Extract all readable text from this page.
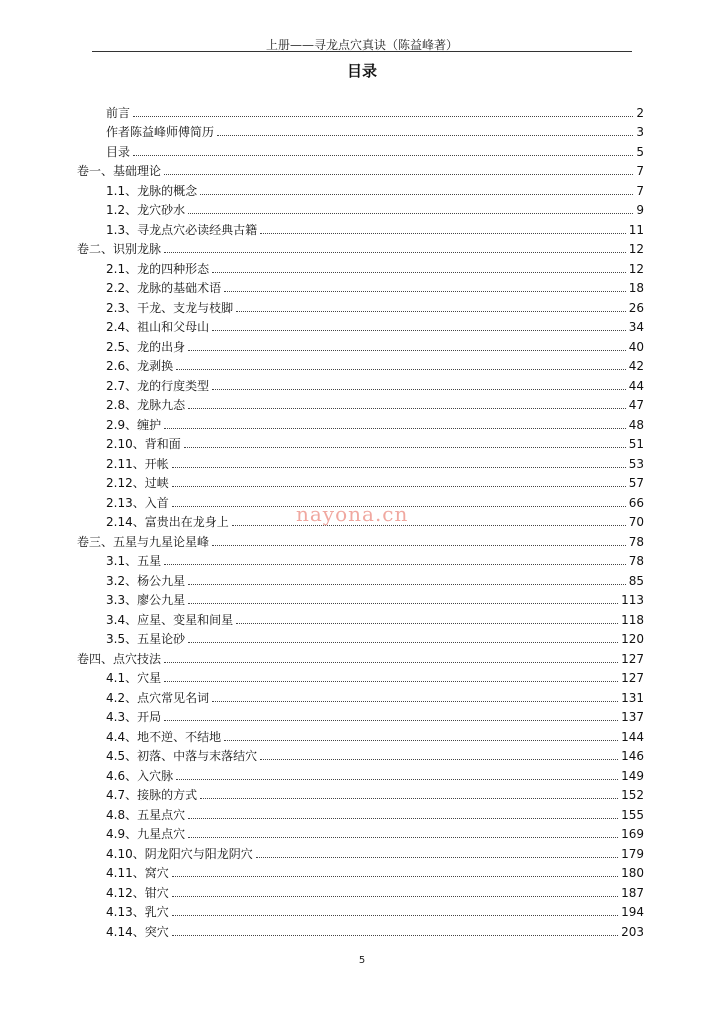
上册——寻龙点穴真诀（陈益峰著）
目录
前言	2
作者陈益峰师傅简历	3
目录	5
卷一、基础理论	7
1.1、龙脉的概念	7
1.2、龙穴砂水	9
1.3、寻龙点穴必读经典古籍	11
卷二、识别龙脉	12
2.1、龙的四种形态	12
2.2、龙脉的基础术语	18
2.3、干龙、支龙与枝脚	26
2.4、祖山和父母山	34
2.5、龙的出身	40
2.6、龙剥换	42
2.7、龙的行度类型	44
2.8、龙脉九态	47
2.9、缠护	48
2.10、背和面	51
2.11、开帐	53
2.12、过峡	57
2.13、入首	66
2.14、富贵出在龙身上	70
卷三、五星与九星论星峰	78
3.1、五星	78
3.2、杨公九星	85
3.3、廖公九星	113
3.4、应星、变星和间星	118
3.5、五星论砂	120
卷四、点穴技法	127
4.1、穴星	127
4.2、点穴常见名词	131
4.3、开局	137
4.4、地不逆、不结地	144
4.5、初落、中落与末落结穴	146
4.6、入穴脉	149
4.7、接脉的方式	152
4.8、五星点穴	155
4.9、九星点穴	169
4.10、阴龙阳穴与阳龙阴穴	179
4.11、窝穴	180
4.12、钳穴	187
4.13、乳穴	194
4.14、突穴	203
nayona.cn
5
